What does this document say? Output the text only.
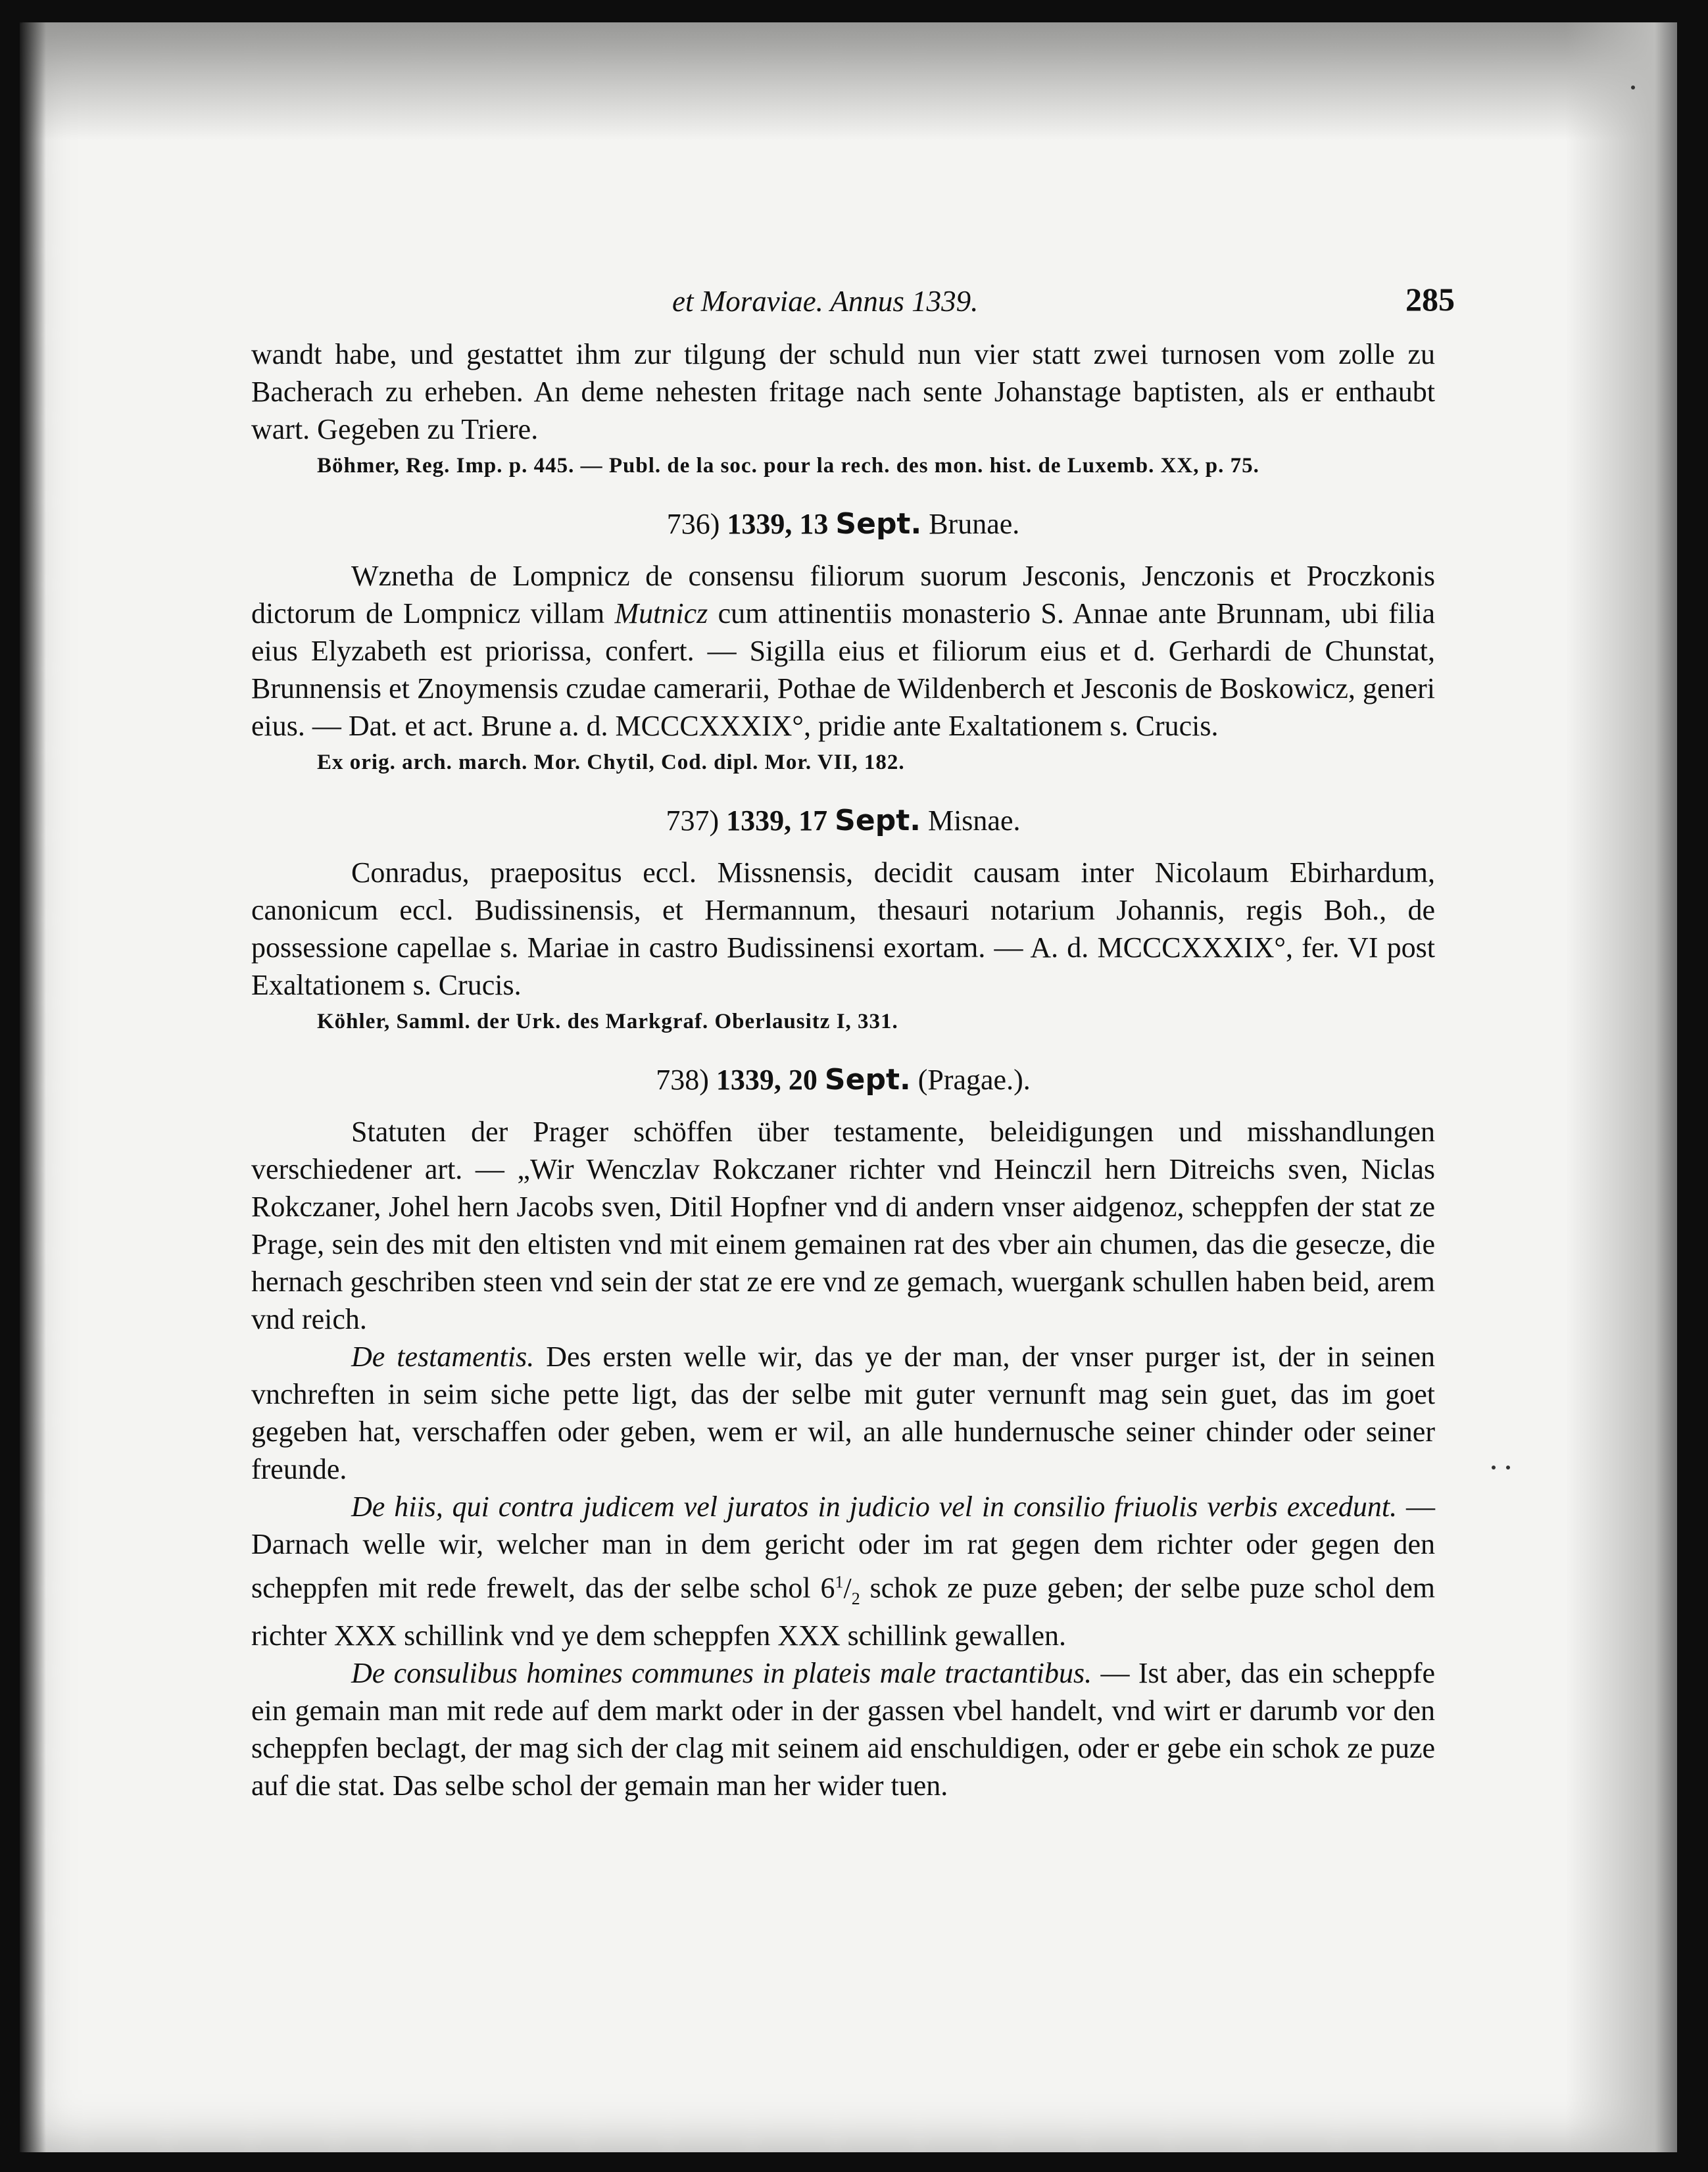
et Moraviae. Annus 1339.	285

wandt habe, und gestattet ihm zur tilgung der schuld nun vier statt zwei turnosen vom zolle zu Bacherach zu erheben. An deme nehesten fritage nach sente Johanstage baptisten, als er enthaubt wart. Gegeben zu Triere.

Böhmer, Reg. Imp. p. 445. — Publ. de la soc. pour la rech. des mon. hist. de Luxemb. XX, p. 75.
736) 1339, 13 Sept. Brunae.

Wznetha de Lompnicz de consensu filiorum suorum Jesconis, Jenczonis et Proczkonis dictorum de Lompnicz villam Mutnicz cum attinentiis monasterio S. Annae ante Brunnam, ubi filia eius Elyzabeth est priorissa, confert. — Sigilla eius et filiorum eius et d. Gerhardi de Chunstat, Brunnensis et Znoymensis czudae camerarii, Pothae de Wildenberch et Jesconis de Boskowicz, generi eius. — Dat. et act. Brune a. d. MCCCXXXIX°, pridie ante Exaltationem s. Crucis.

Ex orig. arch. march. Mor. Chytil, Cod. dipl. Mor. VII, 182.
737) 1339, 17 Sept. Misnae.

Conradus, praepositus eccl. Missnensis, decidit causam inter Nicolaum Ebirhardum, canonicum eccl. Budissinensis, et Hermannum, thesauri notarium Johannis, regis Boh., de possessione capellae s. Mariae in castro Budissinensi exortam. — A. d. MCCCXXXIX°, fer. VI post Exaltationem s. Crucis.

Köhler, Samml. der Urk. des Markgraf. Oberlausitz I, 331.
738) 1339, 20 Sept. (Pragae.).

Statuten der Prager schöffen über testamente, beleidigungen und misshandlungen verschiedener art. — „Wir Wenczlav Rokczaner richter vnd Heinczil hern Ditreichs sven, Niclas Rokczaner, Johel hern Jacobs sven, Ditil Hopfner vnd di andern vnser aidgenoz, scheppfen der stat ze Prage, sein des mit den eltisten vnd mit einem gemainen rat des vber ain chumen, das die gesecze, die hernach geschriben steen vnd sein der stat ze ere vnd ze gemach, wuergank schullen haben beid, arem vnd reich.

De testamentis. Des ersten welle wir, das ye der man, der vnser purger ist, der in seinen vnchreften in seim siche pette ligt, das der selbe mit guter vernunft mag sein guet, das im goet gegeben hat, verschaffen oder geben, wem er wil, an alle hundernusche seiner chinder oder seiner freunde.

De hiis, qui contra judicem vel juratos in judicio vel in consilio friuolis verbis excedunt. — Darnach welle wir, welcher man in dem gericht oder im rat gegen dem richter oder gegen den scheppfen mit rede frewelt, das der selbe schol $6^1/_2$ schok ze puze geben; der selbe puze schol dem richter XXX schillink vnd ye dem scheppfen XXX schillink gewallen.

De consulibus homines communes in plateis male tractantibus. — Ist aber, das ein scheppfe ein gemain man mit rede auf dem markt oder in der gassen vbel handelt, vnd wirt er darumb vor den scheppfen beclagt, der mag sich der clag mit seinem aid enschuldigen, oder er gebe ein schok ze puze auf die stat. Das selbe schol der gemain man her wider tuen.
